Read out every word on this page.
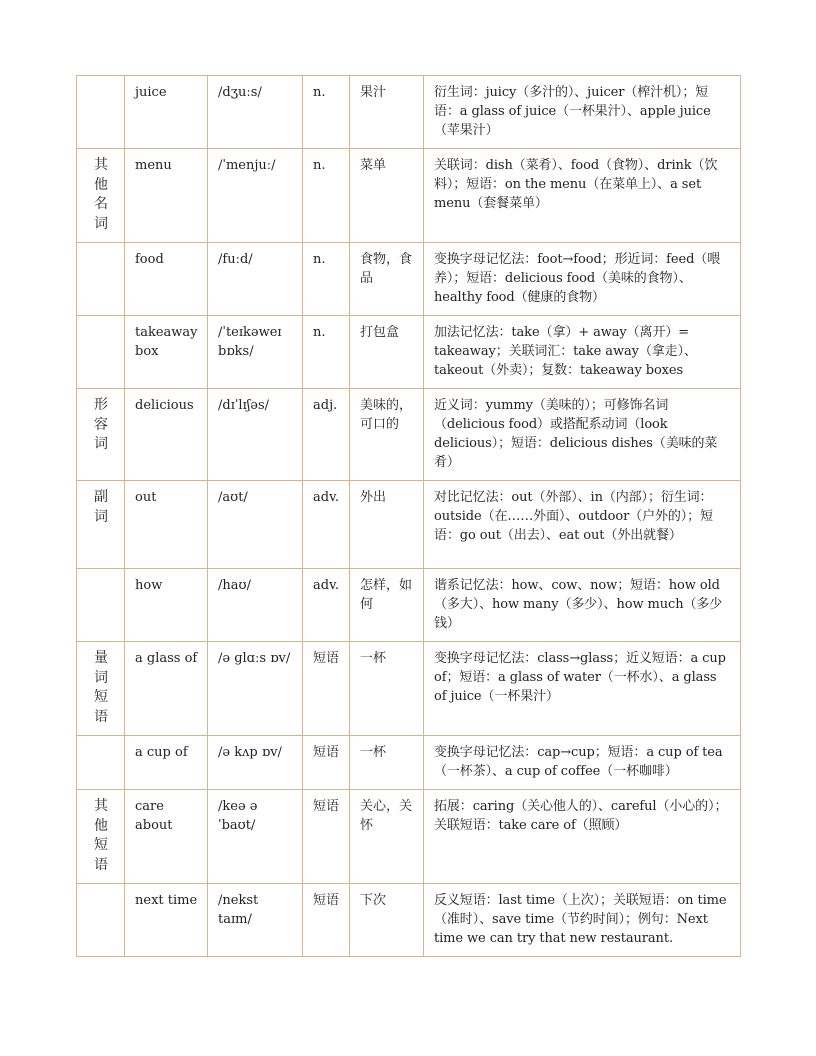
	juice	/dʒuːs/	n.	果汁	衍生词：juicy（多汁的）、juicer（榨汁机）；短语：a glass of juice（一杯果汁）、apple juice（苹果汁）
其他名词	menu	/ˈmenjuː/	n.	菜单	关联词：dish（菜肴）、food（食物）、drink（饮料）；短语：on the menu（在菜单上）、a set menu（套餐菜单）
	food	/fuːd/	n.	食物，食品	变换字母记忆法：foot→food；形近词：feed（喂养）；短语：delicious food（美味的食物）、healthy food（健康的食物）
	takeaway box	/ˈteɪkəweɪ bɒks/	n.	打包盒	加法记忆法：take（拿）+ away（离开）= takeaway；关联词汇：take away（拿走）、takeout（外卖）；复数：takeaway boxes
形容词	delicious	/dɪˈlɪʃəs/	adj.	美味的，可口的	近义词：yummy（美味的）；可修饰名词（delicious food）或搭配系动词（look delicious）；短语：delicious dishes（美味的菜肴）
副词	out	/aʊt/	adv.	外出	对比记忆法：out（外部）、in（内部）；衍生词：outside（在……外面）、outdoor（户外的）；短语：go out（出去）、eat out（外出就餐）
	how	/haʊ/	adv.	怎样，如何	谐系记忆法：how、cow、now；短语：how old（多大）、how many（多少）、how much（多少钱）
量词短语	a glass of	/ə ɡlɑːs ɒv/	短语	一杯	变换字母记忆法：class→glass；近义短语：a cup of；短语：a glass of water（一杯水）、a glass of juice（一杯果汁）
	a cup of	/ə kʌp ɒv/	短语	一杯	变换字母记忆法：cap→cup；短语：a cup of tea（一杯茶）、a cup of coffee（一杯咖啡）
其他短语	care about	/keə əˈbaʊt/	短语	关心，关怀	拓展：caring（关心他人的）、careful（小心的）；关联短语：take care of（照顾）
	next time	/nekst taɪm/	短语	下次	反义短语：last time（上次）；关联短语：on time（准时）、save time（节约时间）；例句：Next time we can try that new restaurant.
